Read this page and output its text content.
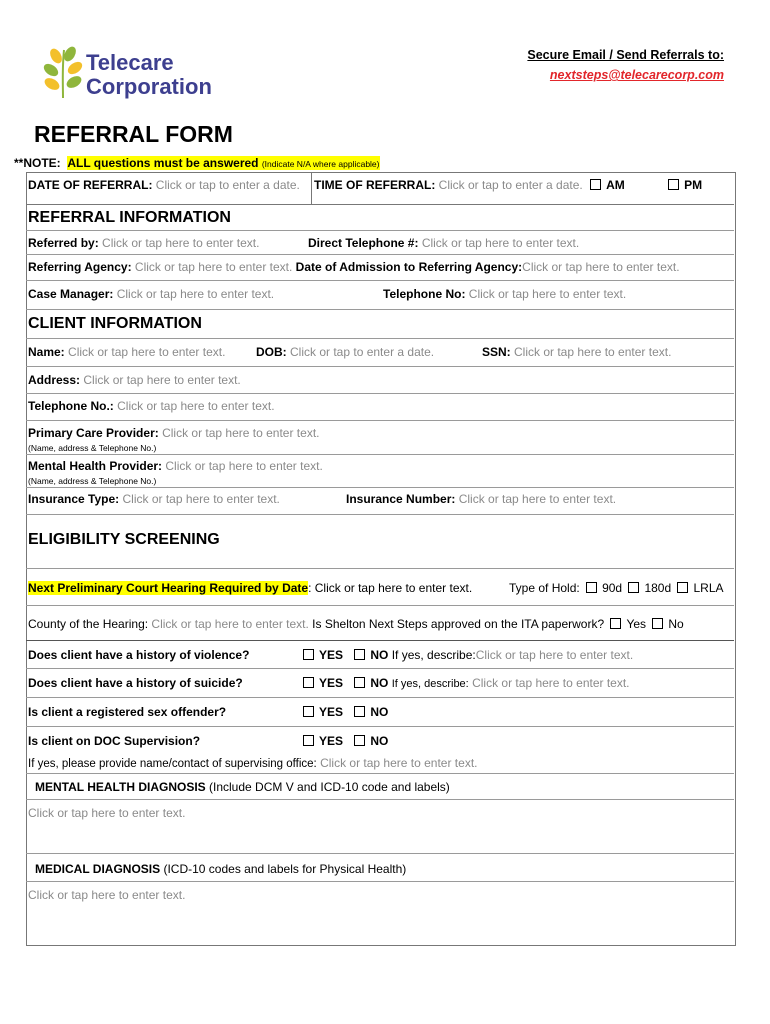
Telecare
Corporation
Secure Email / Send Referrals to:
nextsteps@telecarecorp.com
REFERRAL FORM
**NOTE: ALL questions must be answered (Indicate N/A where applicable)
DATE OF REFERRAL: Click or tap to enter a date. TIME OF REFERRAL: Click or tap to enter a date. AM	PM
REFERRAL INFORMATION
Referred by: Click or tap here to enter text.	Direct Telephone #: Click or tap here to enter text.
Referring Agency: Click or tap here to enter text. Date of Admission to Referring Agency:Click or tap here to enter text.
Case Manager: Click or tap here to enter text.	Telephone No: Click or tap here to enter text.
CLIENT INFORMATION
Name: Click or tap here to enter text.	DOB: Click or tap to enter a date.	SSN: Click or tap here to enter text.
Address: Click or tap here to enter text.
Telephone No.: Click or tap here to enter text.
Primary Care Provider: Click or tap here to enter text.
(Name, address & Telephone No.)
Mental Health Provider: Click or tap here to enter text.
(Name, address & Telephone No.)
Insurance Type: Click or tap here to enter text.	Insurance Number: Click or tap here to enter text.
ELIGIBILITY SCREENING
Next Preliminary Court Hearing Required by Date: Click or tap here to enter text.	Type of Hold: 90d 180d LRLA
County of the Hearing: Click or tap here to enter text. Is Shelton Next Steps approved on the ITA paperwork? Yes No
Does client have a history of violence?	YES NO If yes, describe:Click or tap here to enter text.
Does client have a history of suicide?	YES NO If yes, describe: Click or tap here to enter text.
Is client a registered sex offender?	YES NO
Is client on DOC Supervision?	YES NO
If yes, please provide name/contact of supervising office: Click or tap here to enter text.
MENTAL HEALTH DIAGNOSIS (Include DCM V and ICD-10 code and labels)
Click or tap here to enter text.
MEDICAL DIAGNOSIS (ICD-10 codes and labels for Physical Health)
Click or tap here to enter text.
